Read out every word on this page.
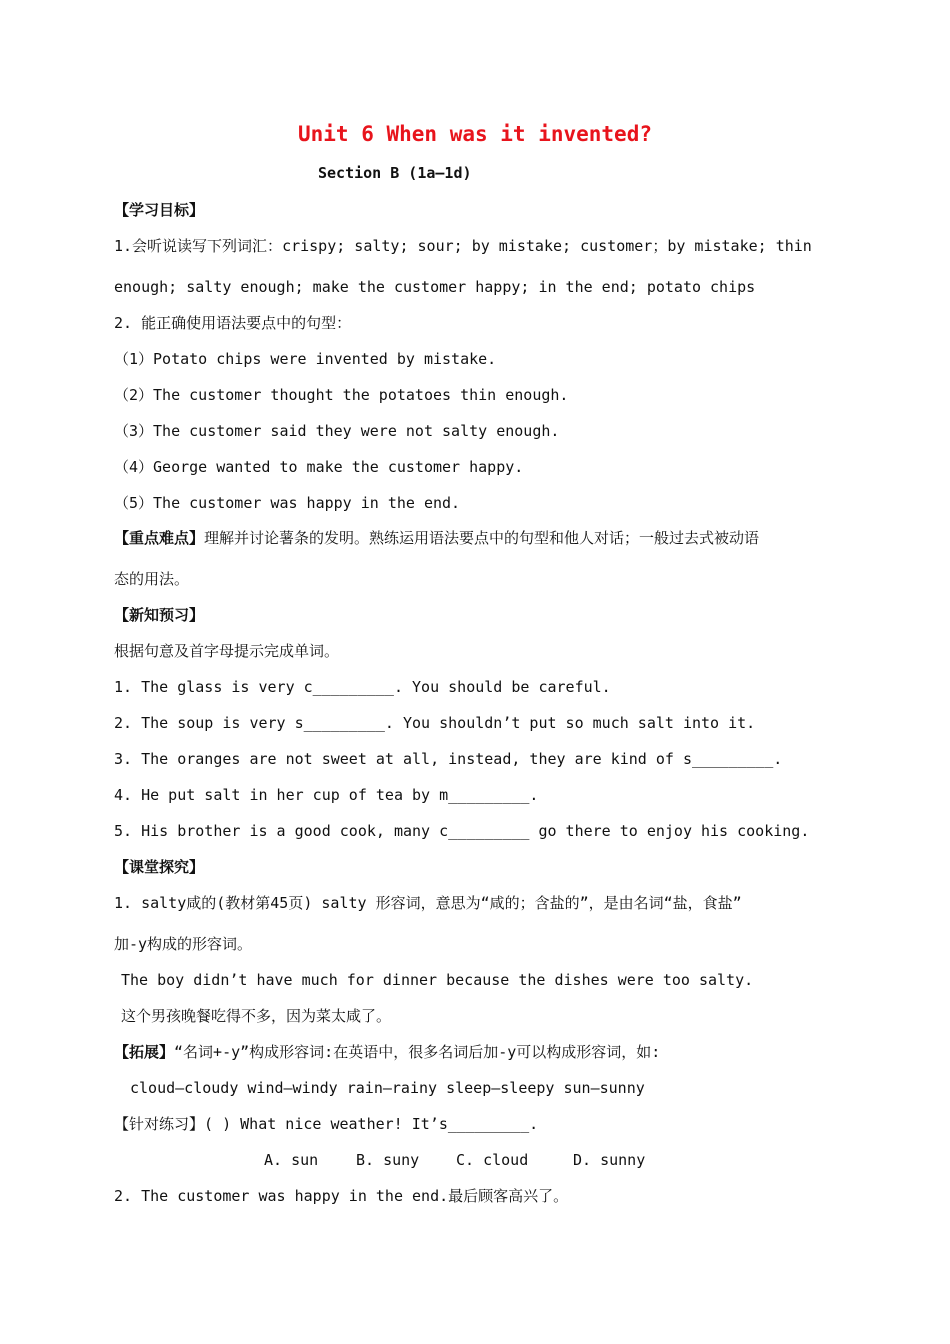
Unit 6 When was it invented?
Section B (1a—1d)
【学习目标】
1.会听说读写下列词汇：crispy; salty; sour; by mistake; customer；by mistake; thin
enough; salty enough; make the customer happy; in the end; potato chips
2. 能正确使用语法要点中的句型：
（1）Potato chips were invented by mistake.
（2）The customer thought the potatoes thin enough.
（3）The customer said they were not salty enough.
（4）George wanted to make the customer happy.
（5）The customer was happy in the end.
【重点难点】理解并讨论薯条的发明。熟练运用语法要点中的句型和他人对话；一般过去式被动语
态的用法。
【新知预习】
根据句意及首字母提示完成单词。
1. The glass is very c_________. You should be careful.
2. The soup is very s_________. You shouldn’t put so much salt into it.
3. The oranges are not sweet at all, instead, they are kind of s_________.
4. He put salt in her cup of tea by m_________.
5. His brother is a good cook, many c_________ go there to enjoy his cooking.
【课堂探究】
1. salty咸的(教材第45页) salty 形容词，意思为“咸的；含盐的”，是由名词“盐，食盐”
加-y构成的形容词。
The boy didn’t have much for dinner because the dishes were too salty.
这个男孩晚餐吃得不多，因为菜太咸了。
【拓展】“名词+-y”构成形容词:在英语中，很多名词后加-y可以构成形容词，如:
cloud—cloudy wind—windy rain—rainy sleep—sleepy sun—sunny
【针对练习】( ) What nice weather! It’s_________.
A. sun	B. suny C. cloud	D. sunny
2. The customer was happy in the end.最后顾客高兴了。
